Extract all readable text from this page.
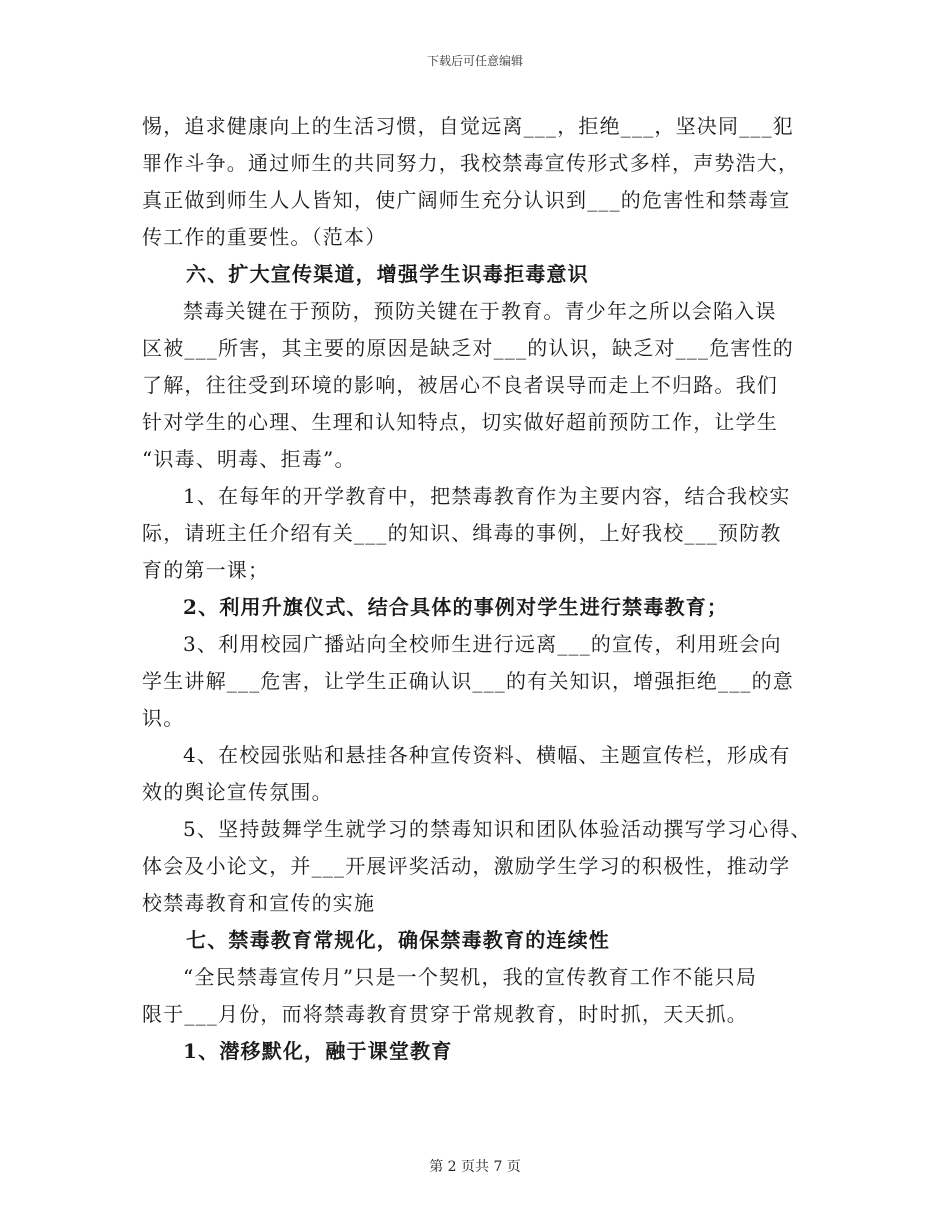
下载后可任意编辑
惕，追求健康向上的生活习惯，自觉远离___，拒绝___，坚决同___犯
罪作斗争。通过师生的共同努力，我校禁毒宣传形式多样，声势浩大，
真正做到师生人人皆知，使广阔师生充分认识到___的危害性和禁毒宣
传工作的重要性。（范本）
六、扩大宣传渠道，增强学生识毒拒毒意识
禁毒关键在于预防，预防关键在于教育。青少年之所以会陷入误
区被___所害，其主要的原因是缺乏对___的认识，缺乏对___危害性的
了解，往往受到环境的影响，被居心不良者误导而走上不归路。我们
针对学生的心理、生理和认知特点，切实做好超前预防工作，让学生
“识毒、明毒、拒毒”。
1、在每年的开学教育中，把禁毒教育作为主要内容，结合我校实
际，请班主任介绍有关___的知识、缉毒的事例，上好我校___预防教
育的第一课；
2、利用升旗仪式、结合具体的事例对学生进行禁毒教育；
3、利用校园广播站向全校师生进行远离___的宣传，利用班会向
学生讲解___危害，让学生正确认识___的有关知识，增强拒绝___的意
识。
4、在校园张贴和悬挂各种宣传资料、横幅、主题宣传栏，形成有
效的舆论宣传氛围。
5、坚持鼓舞学生就学习的禁毒知识和团队体验活动撰写学习心得、
体会及小论文，并___开展评奖活动，激励学生学习的积极性，推动学
校禁毒教育和宣传的实施
七、禁毒教育常规化，确保禁毒教育的连续性
“全民禁毒宣传月”只是一个契机，我的宣传教育工作不能只局
限于___月份，而将禁毒教育贯穿于常规教育，时时抓，天天抓。
1、潜移默化，融于课堂教育
第 2 页共 7 页
